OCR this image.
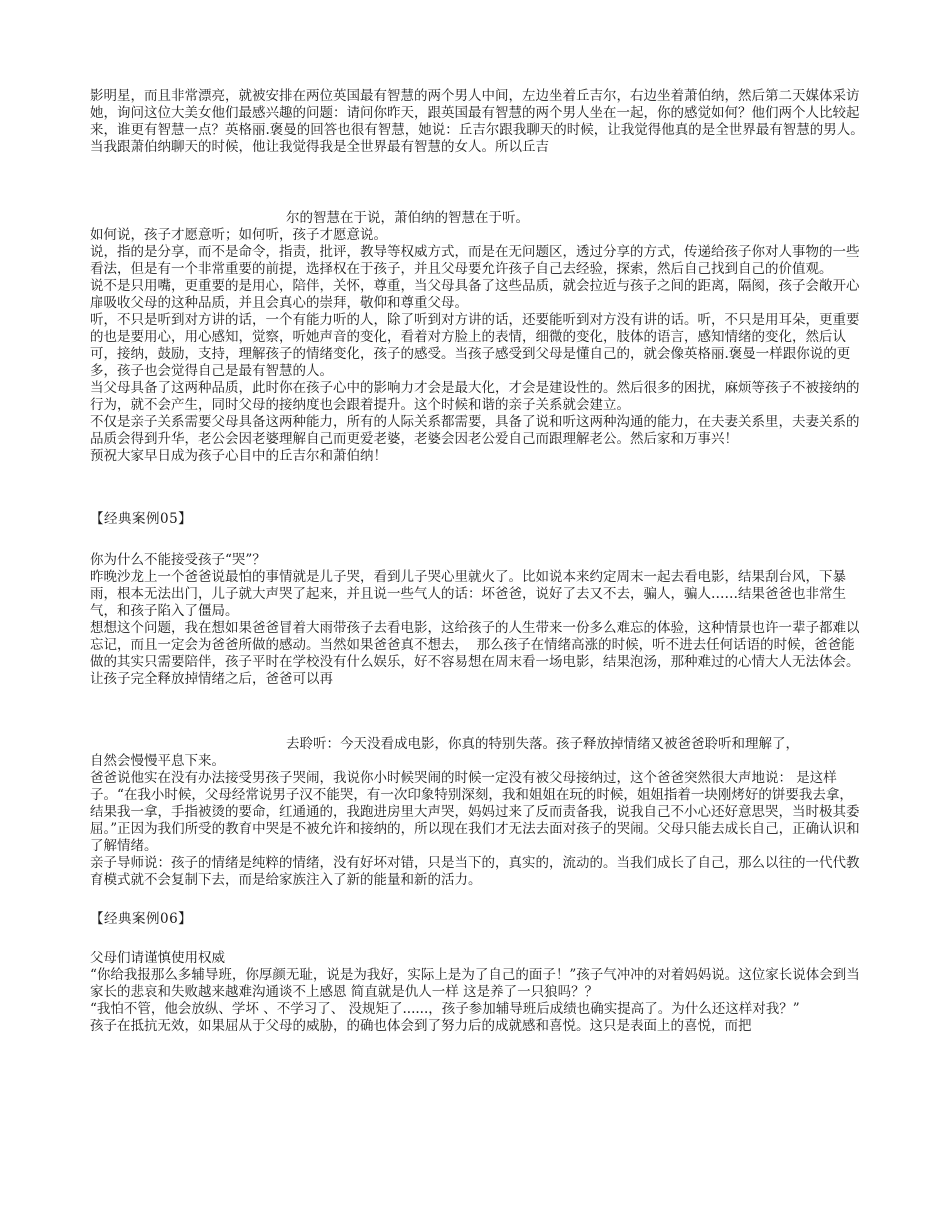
影明星，而且非常漂亮，就被安排在两位英国最有智慧的两个男人中间，左边坐着丘吉尔，右边坐着萧伯纳，然后第二天媒体采访她，询问这位大美女他们最感兴趣的问题：请问你昨天，跟英国最有智慧的两个男人坐在一起，你的感觉如何？他们两个人比较起来，谁更有智慧一点？英格丽.褒曼的回答也很有智慧，她说：丘吉尔跟我聊天的时候，让我觉得他真的是全世界最有智慧的男人。当我跟萧伯纳聊天的时候，他让我觉得我是全世界最有智慧的女人。所以丘吉

尔的智慧在于说，萧伯纳的智慧在于听。

如何说，孩子才愿意听；如何听，孩子才愿意说。

说，指的是分享，而不是命令，指责，批评，教导等权威方式，而是在无问题区，透过分享的方式，传递给孩子你对人事物的一些看法，但是有一个非常重要的前提，选择权在于孩子，并且父母要允许孩子自己去经验，探索，然后自己找到自己的价值观。

说不是只用嘴，更重要的是用心，陪伴，关怀，尊重，当父母具备了这些品质，就会拉近与孩子之间的距离，隔阂，孩子会敞开心扉吸收父母的这种品质，并且会真心的崇拜，敬仰和尊重父母。

听，不只是听到对方讲的话，一个有能力听的人，除了听到对方讲的话，还要能听到对方没有讲的话。听，不只是用耳朵，更重要的也是要用心，用心感知，觉察，听她声音的变化，看着对方脸上的表情，细微的变化，肢体的语言，感知情绪的变化，然后认可，接纳，鼓励，支持，理解孩子的情绪变化，孩子的感受。当孩子感受到父母是懂自己的，就会像英格丽.褒曼一样跟你说的更多，孩子也会觉得自己是最有智慧的人。

当父母具备了这两种品质，此时你在孩子心中的影响力才会是最大化，才会是建设性的。然后很多的困扰，麻烦等孩子不被接纳的行为，就不会产生，同时父母的接纳度也会跟着提升。这个时候和谐的亲子关系就会建立。

不仅是亲子关系需要父母具备这两种能力，所有的人际关系都需要，具备了说和听这两种沟通的能力，在夫妻关系里，夫妻关系的品质会得到升华，老公会因老婆理解自己而更爱老婆，老婆会因老公爱自己而跟理解老公。然后家和万事兴！

预祝大家早日成为孩子心目中的丘吉尔和萧伯纳！

【经典案例05】

你为什么不能接受孩子“哭”？

昨晚沙龙上一个爸爸说最怕的事情就是儿子哭，看到儿子哭心里就火了。比如说本来约定周末一起去看电影，结果刮台风，下暴雨，根本无法出门，儿子就大声哭了起来，并且说一些气人的话：坏爸爸，说好了去又不去，骗人，骗人……结果爸爸也非常生气，和孩子陷入了僵局。

想想这个问题，我在想如果爸爸冒着大雨带孩子去看电影，这给孩子的人生带来一份多么难忘的体验，这种情景也许一辈子都难以忘记，而且一定会为爸爸所做的感动。当然如果爸爸真不想去，  那么孩子在情绪高涨的时候，听不进去任何话语的时候，爸爸能做的其实只需要陪伴，孩子平时在学校没有什么娱乐，好不容易想在周末看一场电影，结果泡汤，那种难过的心情大人无法体会。让孩子完全释放掉情绪之后，爸爸可以再

去聆听：今天没看成电影，你真的特别失落。孩子释放掉情绪又被爸爸聆听和理解了，

自然会慢慢平息下来。

爸爸说他实在没有办法接受男孩子哭闹，我说你小时候哭闹的时候一定没有被父母接纳过，这个爸爸突然很大声地说： 是这样子。“在我小时候，父母经常说男子汉不能哭，有一次印象特别深刻，我和姐姐在玩的时候，姐姐指着一块刚烤好的饼要我去拿，结果我一拿，手指被烫的要命，红通通的，我跑进房里大声哭，妈妈过来了反而责备我，说我自己不小心还好意思哭，当时极其委屈。”正因为我们所受的教育中哭是不被允许和接纳的，所以现在我们才无法去面对孩子的哭闹。父母只能去成长自己，正确认识和了解情绪。

亲子导师说：孩子的情绪是纯粹的情绪，没有好坏对错，只是当下的，真实的，流动的。当我们成长了自己，那么以往的一代代教育模式就不会复制下去，而是给家族注入了新的能量和新的活力。

【经典案例06】

父母们请谨慎使用权威

“你给我报那么多辅导班，你厚颜无耻，说是为我好，实际上是为了自己的面子！”孩子气冲冲的对着妈妈说。这位家长说体会到当家长的悲哀和失败越来越难沟通谈不上感恩 简直就是仇人一样 这是养了一只狼吗？？

“我怕不管，他会放纵、学坏 、不学习了、 没规矩了......，孩子参加辅导班后成绩也确实提高了。为什么还这样对我？”

孩子在抵抗无效，如果屈从于父母的威胁，的确也体会到了努力后的成就感和喜悦。这只是表面上的喜悦，而把
